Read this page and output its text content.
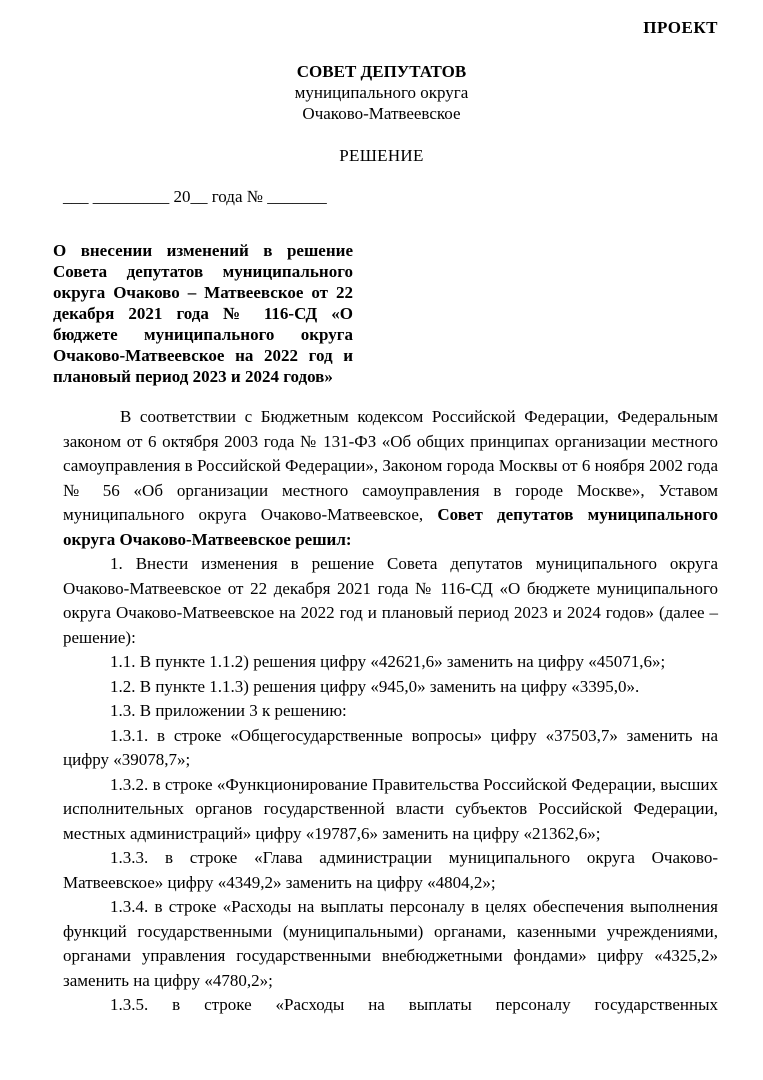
ПРОЕКТ
СОВЕТ ДЕПУТАТОВ
муниципального округа
Очаково-Матвеевское
РЕШЕНИЕ
___ _________ 20__ года № _______
О внесении изменений в решение Совета депутатов муниципального округа Очаково – Матвеевское от 22 декабря 2021 года № 116-СД «О бюджете муниципального округа Очаково-Матвеевское на 2022 год и плановый период 2023 и 2024 годов»

В соответствии с Бюджетным кодексом Российской Федерации, Федеральным законом от 6 октября 2003 года № 131-ФЗ «Об общих принципах организации местного самоуправления в Российской Федерации», Законом города Москвы от 6 ноября 2002 года № 56 «Об организации местного самоуправления в городе Москве», Уставом муниципального округа Очаково-Матвеевское, Совет депутатов муниципального округа Очаково-Матвеевское решил:

1. Внести изменения в решение Совета депутатов муниципального округа Очаково-Матвеевское от 22 декабря 2021 года № 116-СД «О бюджете муниципального округа Очаково-Матвеевское на 2022 год и плановый период 2023 и 2024 годов» (далее – решение):

1.1. В пункте 1.1.2) решения цифру «42621,6» заменить на цифру «45071,6»;

1.2. В пункте 1.1.3) решения цифру «945,0» заменить на цифру «3395,0».

1.3. В приложении 3 к решению:

1.3.1. в строке «Общегосударственные вопросы» цифру «37503,7» заменить на цифру «39078,7»;

1.3.2. в строке «Функционирование Правительства Российской Федерации, высших исполнительных органов государственной власти субъектов Российской Федерации, местных администраций» цифру «19787,6» заменить на цифру «21362,6»;

1.3.3. в строке «Глава администрации муниципального округа Очаково-Матвеевское» цифру «4349,2» заменить на цифру «4804,2»;

1.3.4. в строке «Расходы на выплаты персоналу в целях обеспечения выполнения функций государственными (муниципальными) органами, казенными учреждениями, органами управления государственными внебюджетными фондами» цифру «4325,2» заменить на цифру «4780,2»;

1.3.5. в строке «Расходы на выплаты персоналу государственных
